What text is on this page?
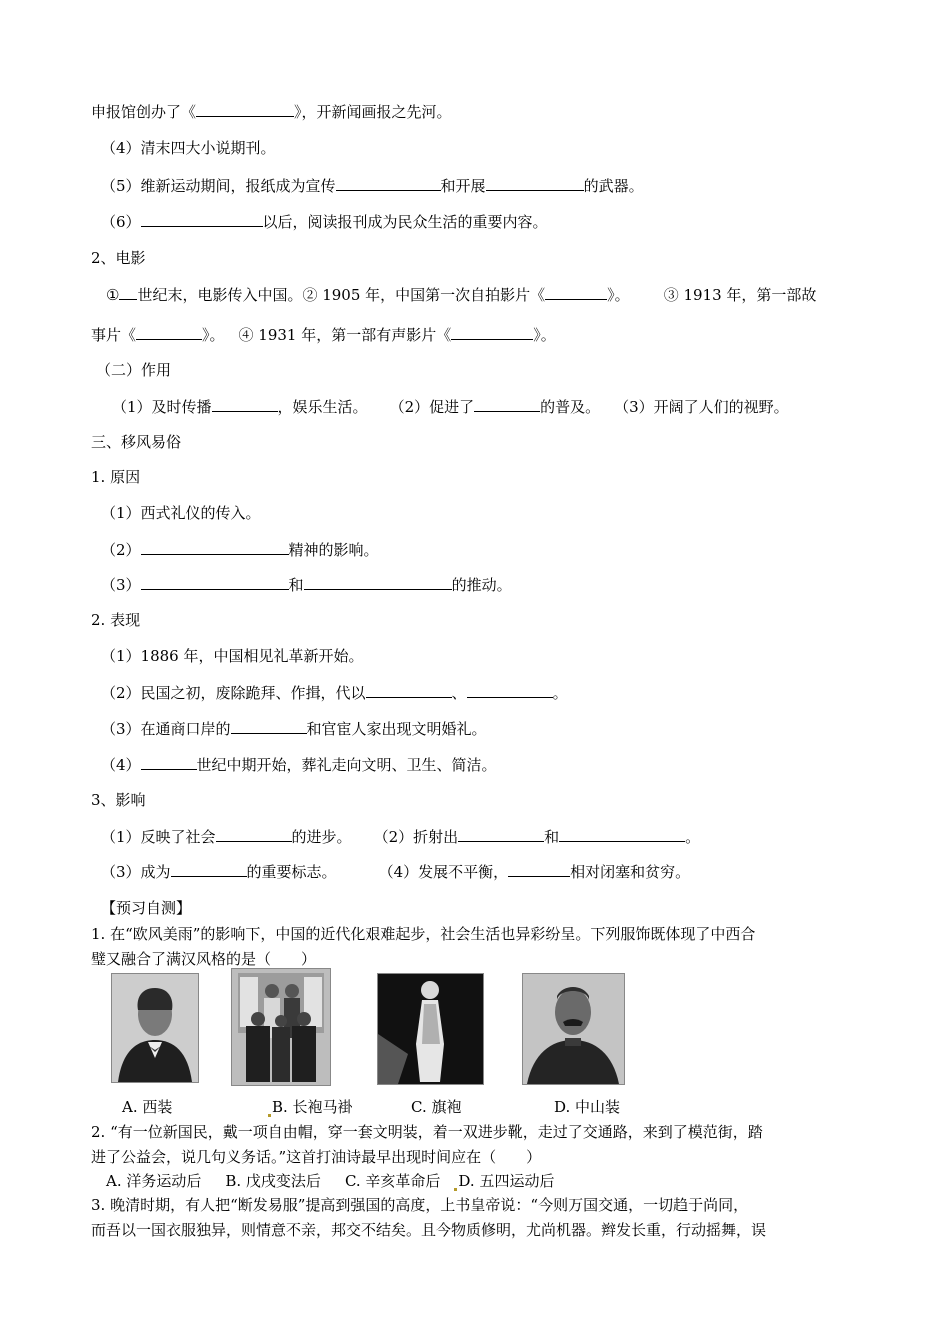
申报馆创办了《	》，开新闻画报之先河。
（4）清末四大小说期刊。
（5）维新运动期间，报纸成为宣传	和开展	的武器。
（6）	以后，阅读报刊成为民众生活的重要内容。
2、电影
① 世纪末，电影传入中国。② 1905 年，中国第一次自拍影片《	》。 ③ 1913 年，第一部故
事片《	》。 ④ 1931 年，第一部有声影片《	》。
（二）作用
（1）及时传播	，娱乐生活。 （2）促进了	的普及。 （3）开阔了人们的视野。
三、移风易俗
1. 原因
（1）西式礼仪的传入。
（2）	精神的影响。
（3）	和	的推动。
2. 表现
（1）1886 年，中国相见礼革新开始。
（2）民国之初，废除跪拜、作揖，代以	、	。
（3）在通商口岸的	和官宦人家出现文明婚礼。
（4）	世纪中期开始，葬礼走向文明、卫生、简洁。
3、影响
（1）反映了社会	的进步。 （2）折射出	和	。
（3）成为	的重要标志。	（4）发展不平衡，	相对闭塞和贫穷。
【预习自测】
1. 在“欧风美雨”的影响下，中国的近代化艰难起步，社会生活也异彩纷呈。下列服饰既体现了中西合
璧又融合了满汉风格的是（　　）
A. 西装	B. 长袍马褂	C. 旗袍	D. 中山装
2. “有一位新国民，戴一项自由帽，穿一套文明装，着一双进步靴，走过了交通路，来到了模范街，踏
进了公益会，说几句义务话。”这首打油诗最早出现时间应在（　　）
A. 洋务运动后 B. 戊戌变法后 C. 辛亥革命后 D. 五四运动后
3. 晚清时期，有人把“断发易服”提高到强国的高度，上书皇帝说：“今则万国交通，一切趋于尚同，
而吾以一国衣服独异，则情意不亲，邦交不结矣。且今物质修明，尤尚机器。辫发长重，行动摇舞，误
